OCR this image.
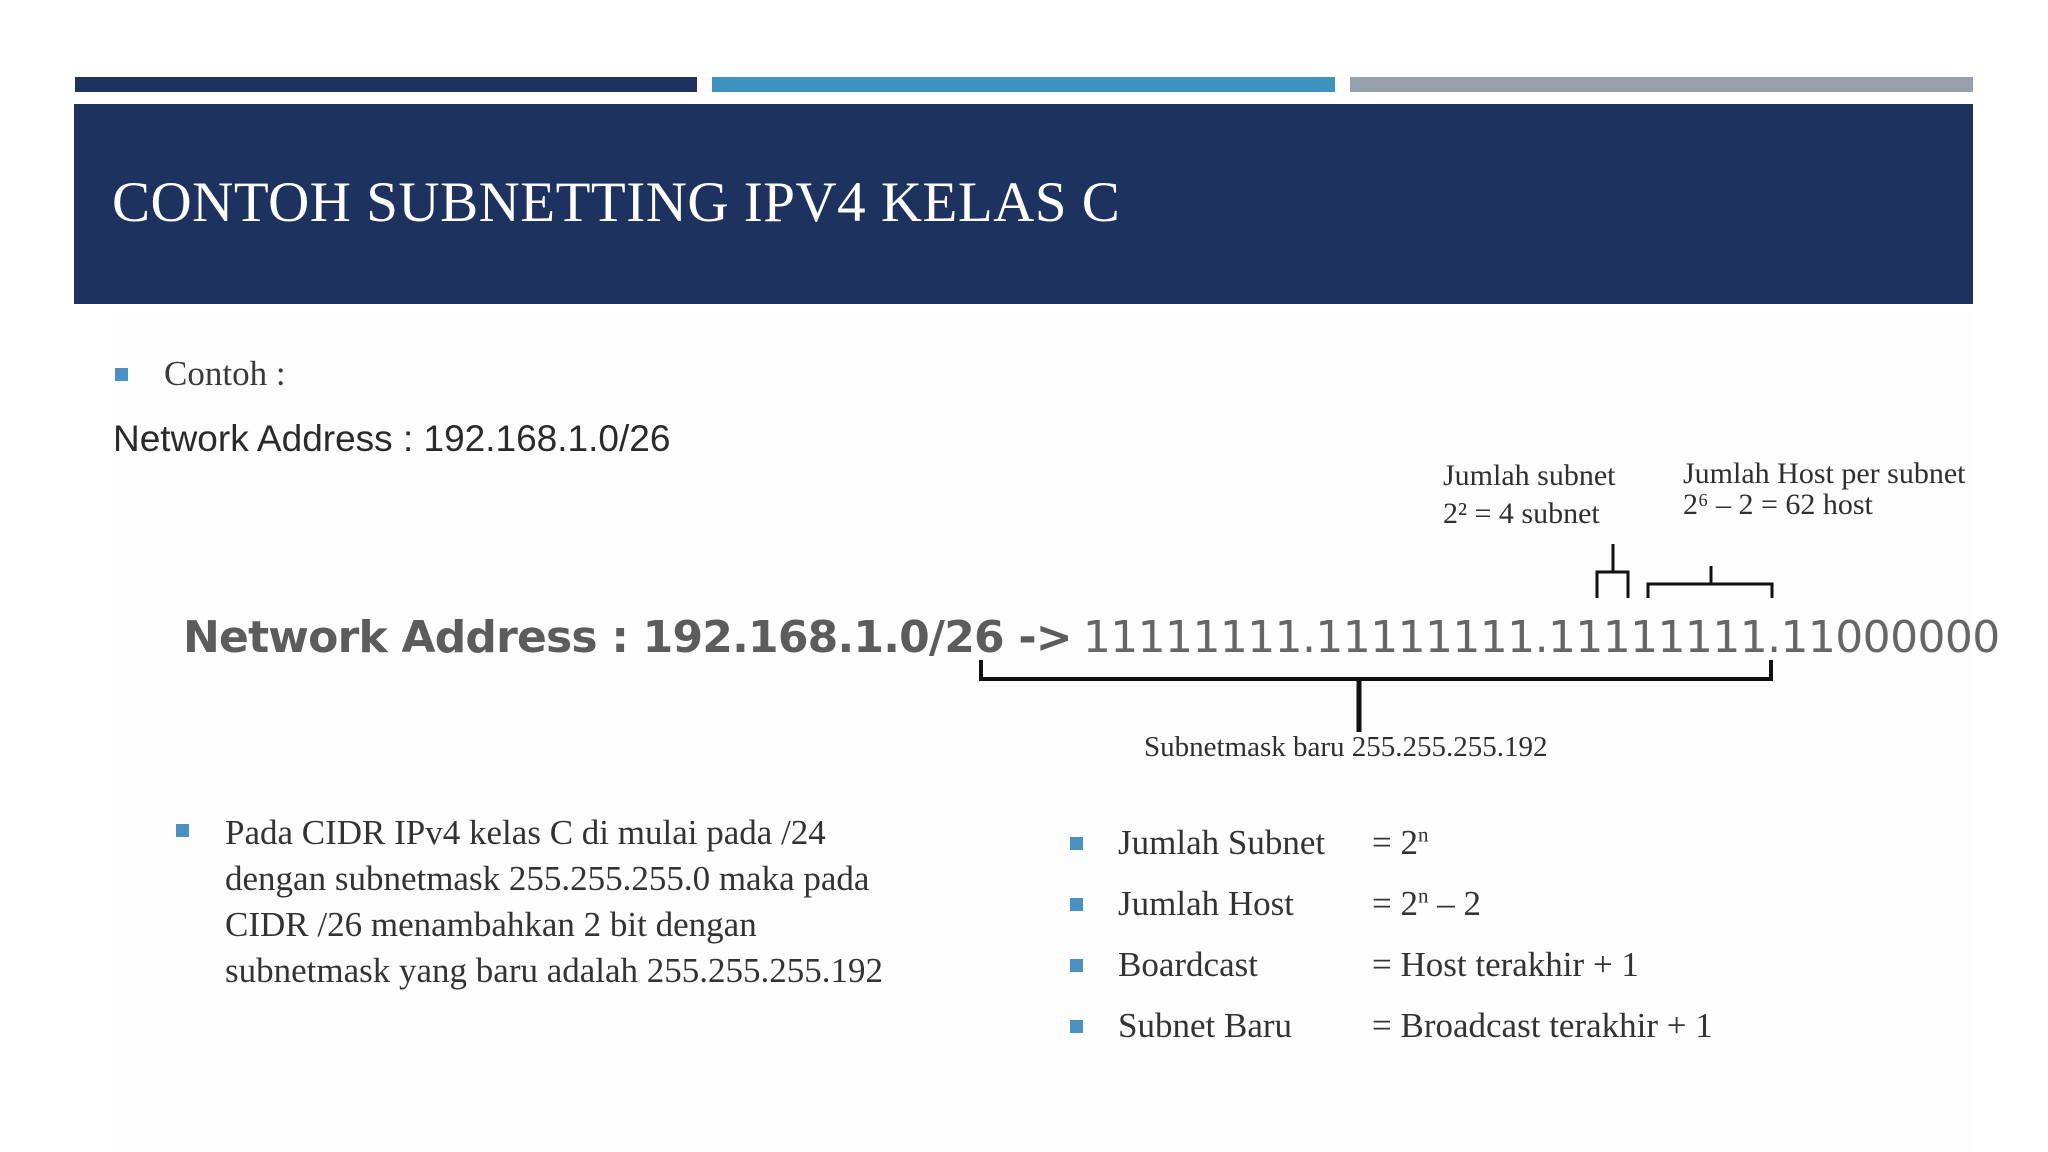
CONTOH SUBNETTING IPV4 KELAS C
Contoh :
Network Address : 192.168.1.0/26
Jumlah subnet
2² = 4 subnet
Jumlah Host per subnet
2⁶ – 2 = 62 host
Network Address : 192.168.1.0/26 -> 11111111.11111111.11111111.11000000
Subnetmask baru 255.255.255.192
Pada CIDR IPv4 kelas C di mulai pada /24 dengan subnetmask 255.255.255.0 maka pada CIDR /26 menambahkan 2 bit dengan subnetmask yang baru adalah 255.255.255.192
Jumlah Subnet = $2^n$
Jumlah Host = $2^n - 2$
Boardcast	= Host terakhir + 1
Subnet Baru = Broadcast terakhir + 1
